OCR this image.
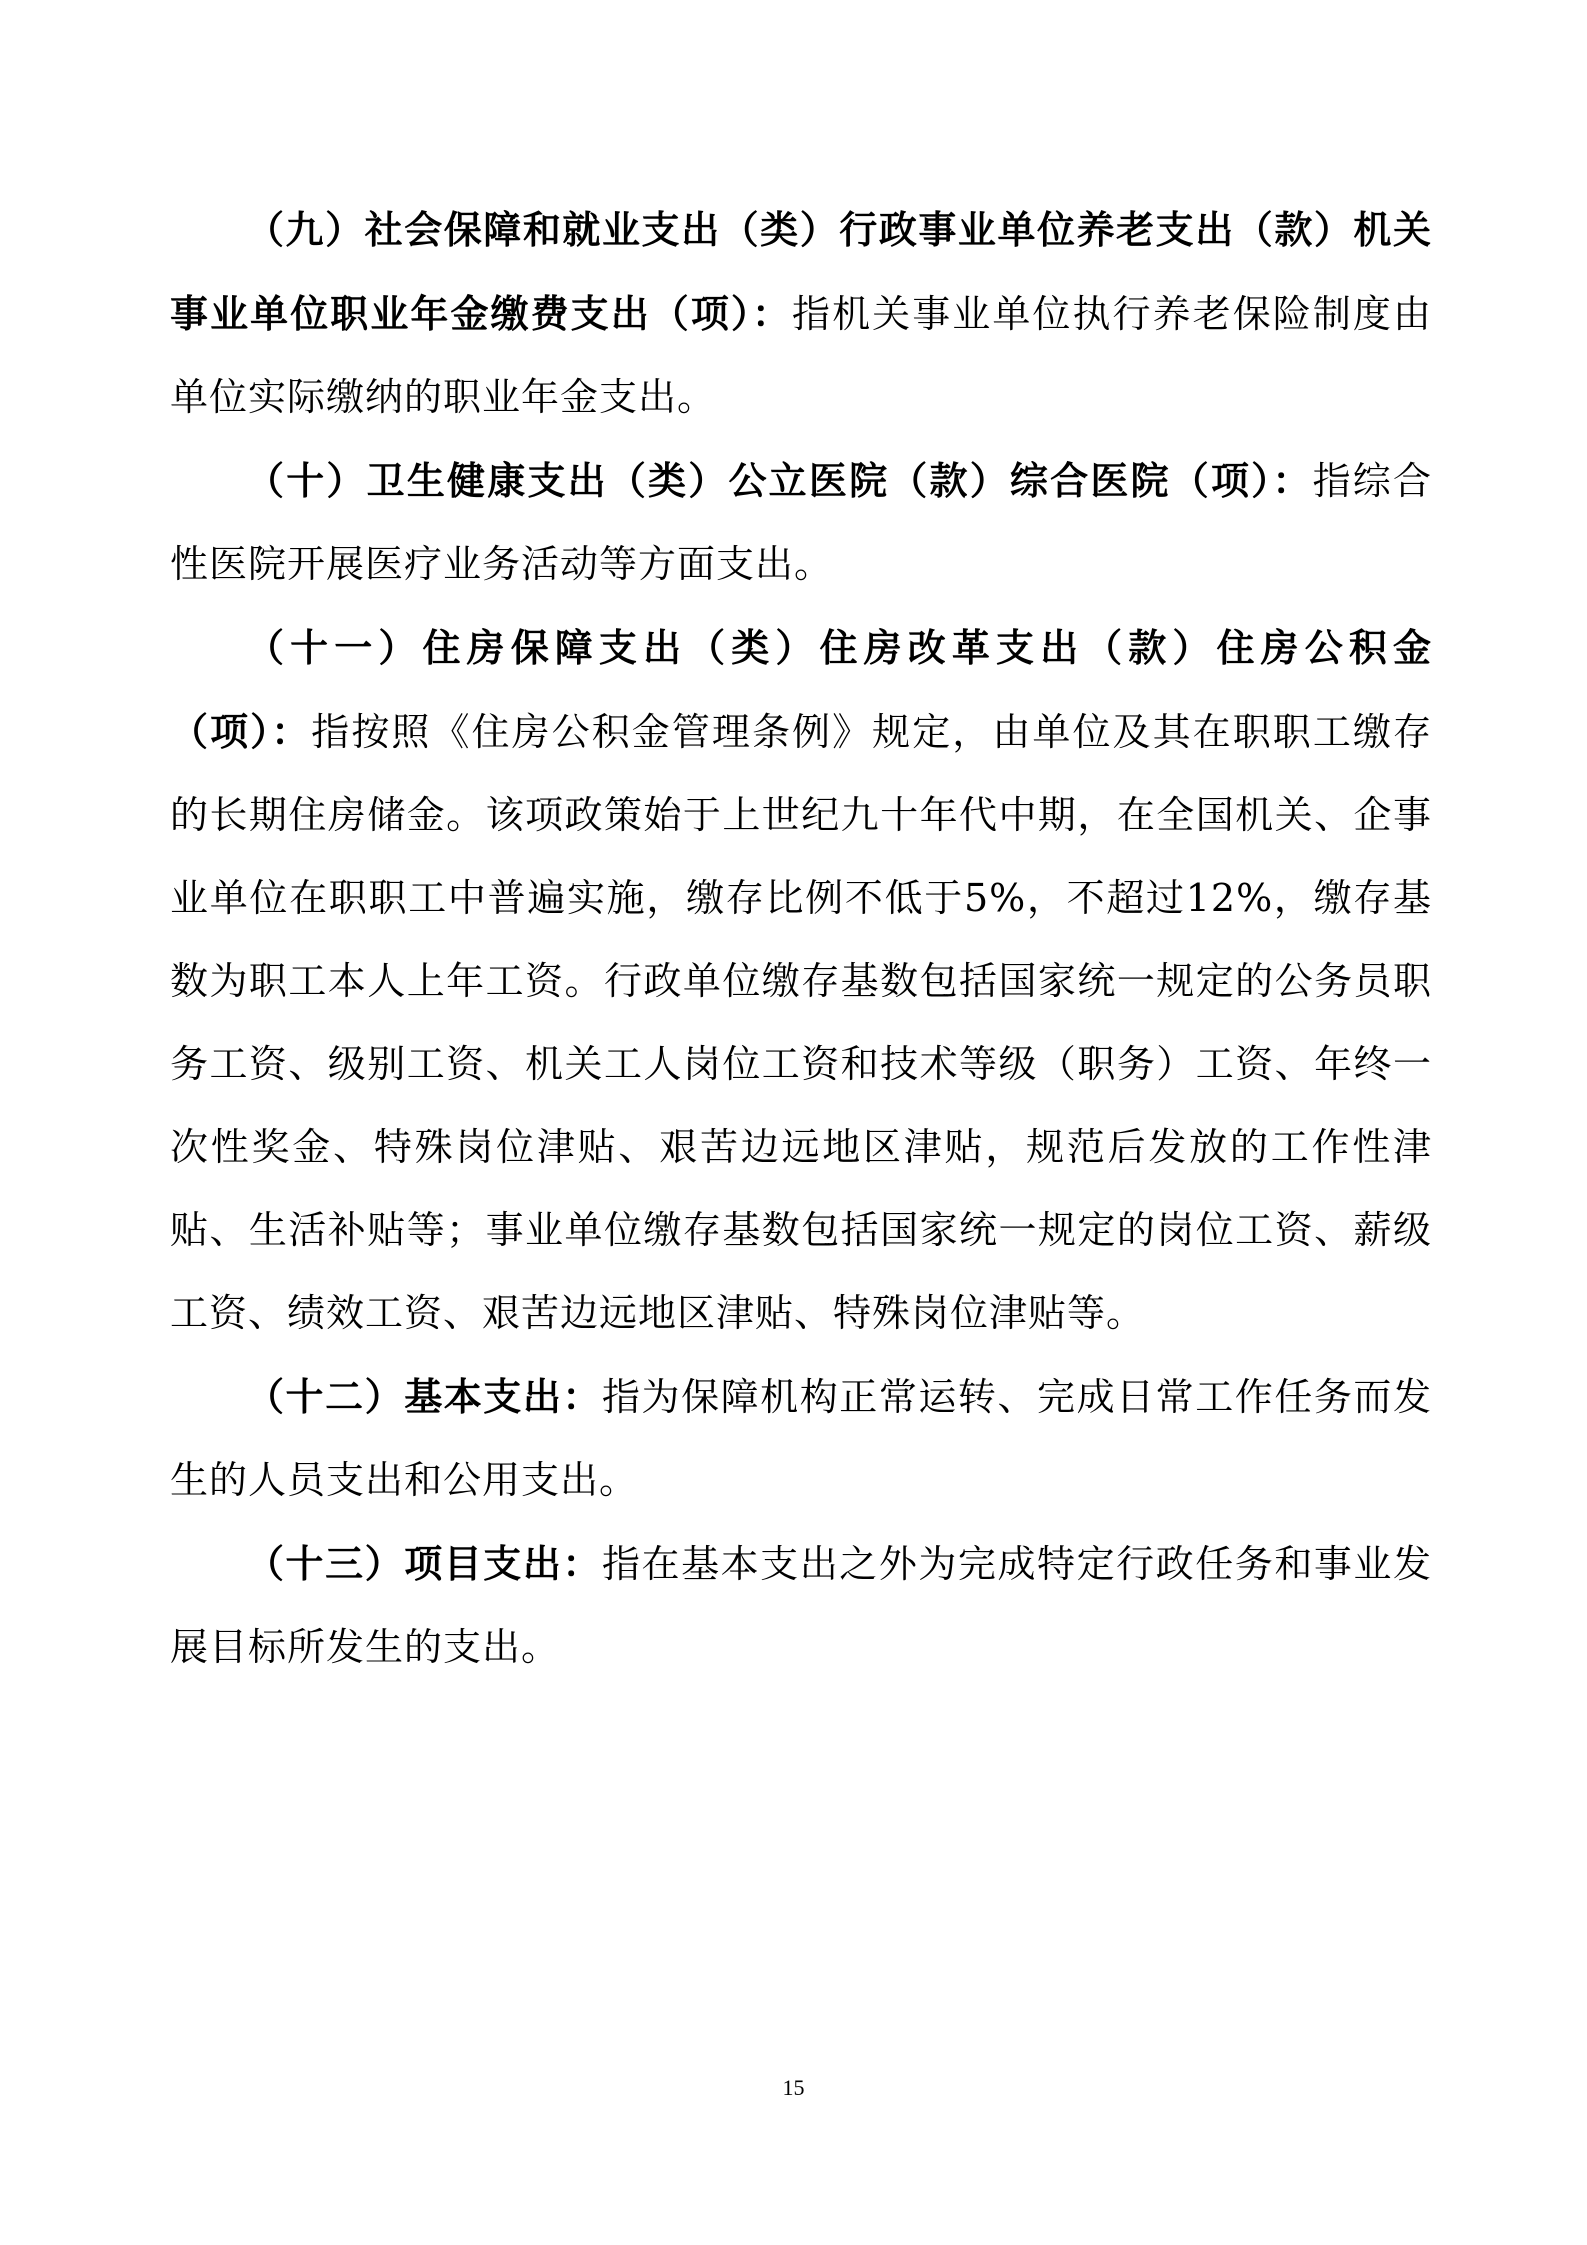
（九）社会保障和就业支出（类）行政事业单位养老支出（款）机关事业单位职业年金缴费支出（项）：指机关事业单位执行养老保险制度由单位实际缴纳的职业年金支出。

（十）卫生健康支出（类）公立医院（款）综合医院（项）：指综合性医院开展医疗业务活动等方面支出。

（十一）住房保障支出（类）住房改革支出（款）住房公积金（项）：指按照《住房公积金管理条例》规定，由单位及其在职职工缴存的长期住房储金。该项政策始于上世纪九十年代中期，在全国机关、企事业单位在职职工中普遍实施，缴存比例不低于5%，不超过12%，缴存基数为职工本人上年工资。行政单位缴存基数包括国家统一规定的公务员职务工资、级别工资、机关工人岗位工资和技术等级（职务）工资、年终一次性奖金、特殊岗位津贴、艰苦边远地区津贴，规范后发放的工作性津贴、生活补贴等；事业单位缴存基数包括国家统一规定的岗位工资、薪级工资、绩效工资、艰苦边远地区津贴、特殊岗位津贴等。

（十二）基本支出：指为保障机构正常运转、完成日常工作任务而发生的人员支出和公用支出。

（十三）项目支出：指在基本支出之外为完成特定行政任务和事业发展目标所发生的支出。

15
